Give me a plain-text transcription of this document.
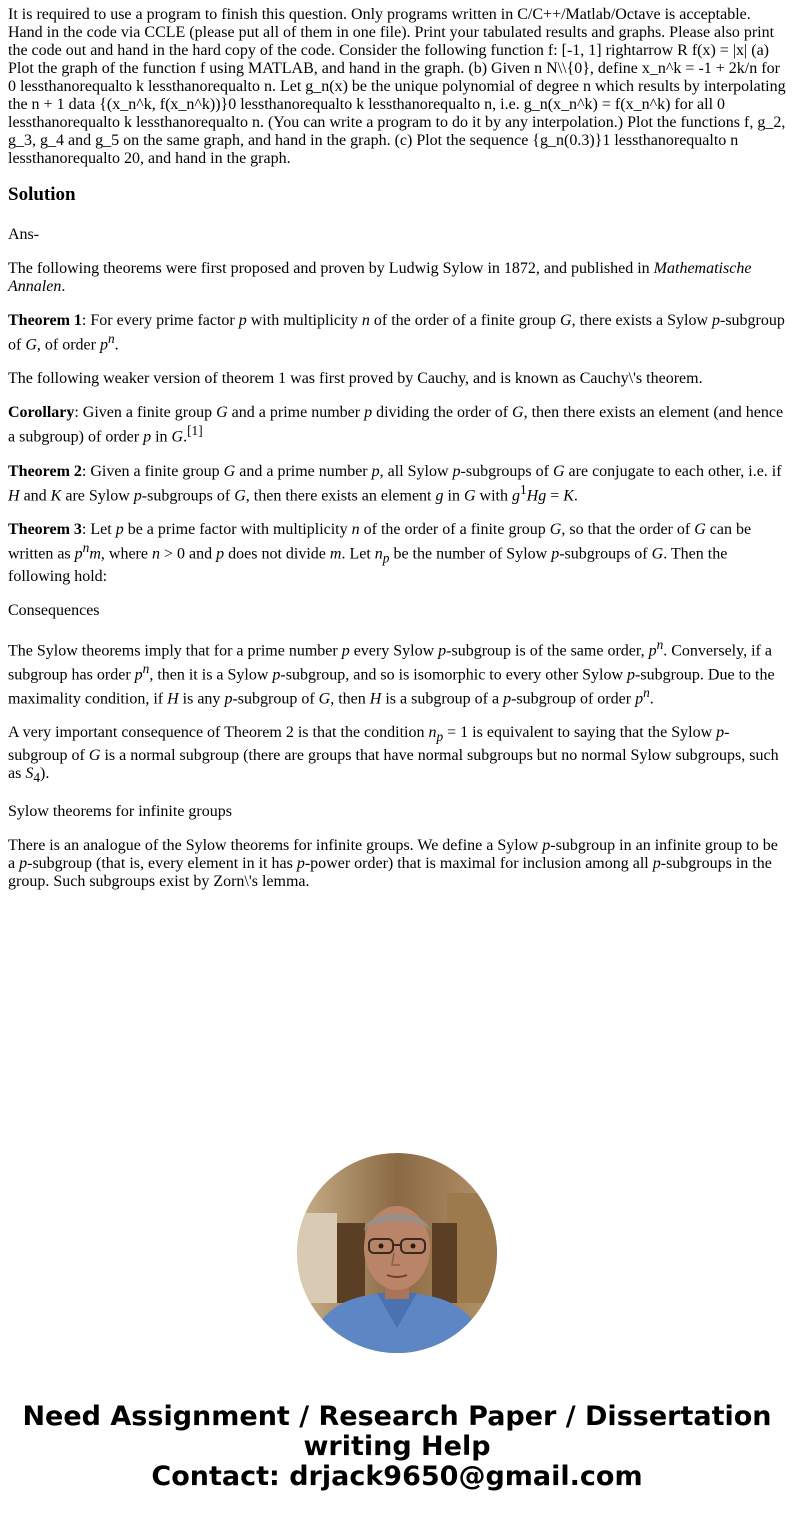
It is required to use a program to finish this question. Only programs written in C/C++/Matlab/Octave is acceptable. Hand in the code via CCLE (please put all of them in one file). Print your tabulated results and graphs. Please also print the code out and hand in the hard copy of the code. Consider the following function f: [-1, 1] rightarrow R f(x) = |x| (a) Plot the graph of the function f using MATLAB, and hand in the graph. (b) Given n N\\{0}, define x_n^k = -1 + 2k/n for 0 lessthanorequalto k lessthanorequalto n. Let g_n(x) be the unique polynomial of degree n which results by interpolating the n + 1 data {(x_n^k, f(x_n^k))}0 lessthanorequalto k lessthanorequalto n, i.e. g_n(x_n^k) = f(x_n^k) for all 0 lessthanorequalto k lessthanorequalto n. (You can write a program to do it by any interpolation.) Plot the functions f, g_2, g_3, g_4 and g_5 on the same graph, and hand in the graph. (c) Plot the sequence {g_n(0.3)}1 lessthanorequalto n lessthanorequalto 20, and hand in the graph.
Solution

Ans-

The following theorems were first proposed and proven by Ludwig Sylow in 1872, and published in Mathematische Annalen.

Theorem 1: For every prime factor p with multiplicity n of the order of a finite group G, there exists a Sylow p-subgroup of G, of order $p^n$.

The following weaker version of theorem 1 was first proved by Cauchy, and is known as Cauchy\'s theorem.

Corollary: Given a finite group G and a prime number p dividing the order of G, then there exists an element (and hence a subgroup) of order p in G.[1]

Theorem 2: Given a finite group G and a prime number p, all Sylow p-subgroups of G are conjugate to each other, i.e. if H and K are Sylow p-subgroups of G, then there exists an element g in G with $g^1Hg = K$.

Theorem 3: Let p be a prime factor with multiplicity n of the order of a finite group G, so that the order of G can be written as $p^nm$, where n > 0 and p does not divide m. Let $n_p$ be the number of Sylow p-subgroups of G. Then the following hold:

Consequences

The Sylow theorems imply that for a prime number p every Sylow p-subgroup is of the same order, $p^n$. Conversely, if a subgroup has order $p^n$, then it is a Sylow p-subgroup, and so is isomorphic to every other Sylow p-subgroup. Due to the maximality condition, if H is any p-subgroup of G, then H is a subgroup of a p-subgroup of order $p^n$.

A very important consequence of Theorem 2 is that the condition $n_p = 1$ is equivalent to saying that the Sylow p-subgroup of G is a normal subgroup (there are groups that have normal subgroups but no normal Sylow subgroups, such as $S_4$).

Sylow theorems for infinite groups

There is an analogue of the Sylow theorems for infinite groups. We define a Sylow p-subgroup in an infinite group to be a p-subgroup (that is, every element in it has p-power order) that is maximal for inclusion among all p-subgroups in the group. Such subgroups exist by Zorn\'s lemma.

Need Assignment / Research Paper / Dissertation
writing Help
Contact: drjack9650@gmail.com
